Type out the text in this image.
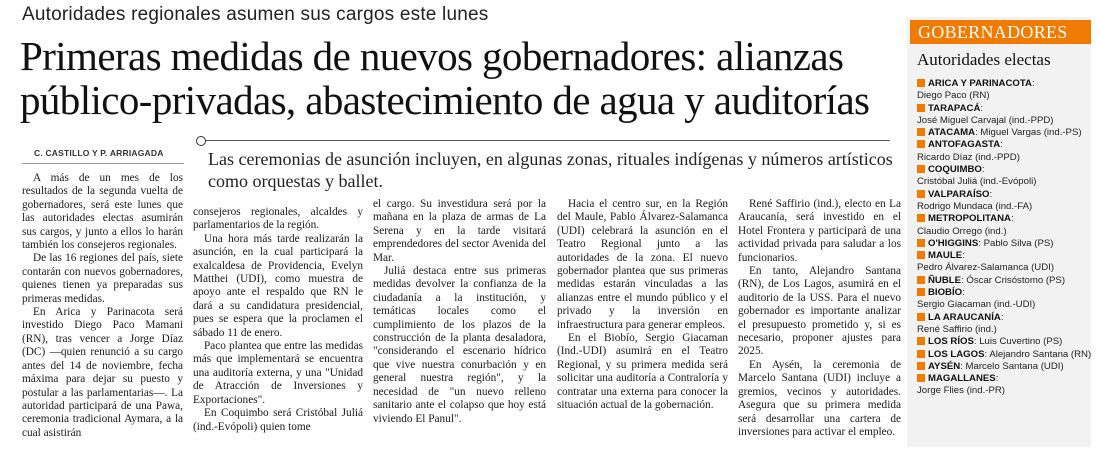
Autoridades regionales asumen sus cargos este lunes
Primeras medidas de nuevos gobernadores: alianzas
público-privadas, abastecimiento de agua y auditorías
C. CASTILLO Y P. ARRIAGADA Las ceremonias de asunción incluyen, en algunas zonas, rituales indígenas y números artísticos como orquestas y ballet.

A más de un mes de los resultados de la segunda vuelta de gobernadores, será este lunes que las autoridades electas asumirán sus cargos, y junto a ellos lo harán también los consejeros regionales.

De las 16 regiones del país, siete contarán con nuevos gobernadores, quienes tienen ya preparadas sus primeras medidas.

En Arica y Parinacota será investido Diego Paco Mamani (RN), tras vencer a Jorge Díaz (DC) —quien renunció a su cargo antes del 14 de noviembre, fecha máxima para dejar su puesto y postular a las parlamentarias—. La autoridad participará de una Pawa, ceremonia tradicional Aymara, a la cual asistirán

consejeros regionales, alcaldes y parlamentarios de la región.

Una hora más tarde realizarán la asunción, en la cual participará la exalcaldesa de Providencia, Evelyn Matthei (UDI), como muestra de apoyo ante el respaldo que RN le dará a su candidatura presidencial, pues se espera que la proclamen el sábado 11 de enero.

Paco plantea que entre las medidas más que implementará se encuentra una auditoría externa, y una "Unidad de Atracción de Inversiones y Exportaciones".

En Coquimbo será Cristóbal Juliá (ind.-Evópoli) quien tome

el cargo. Su investidura será por la mañana en la plaza de armas de La Serena y en la tarde visitará emprendedores del sector Avenida del Mar.

Juliá destaca entre sus primeras medidas devolver la confianza de la ciudadanía a la institución, y temáticas locales como el cumplimiento de los plazos de la construcción de la planta desaladora, "considerando el escenario hídrico que vive nuestra conurbación y en general nuestra región", y la necesidad de "un nuevo relleno sanitario ante el colapso que hoy está viviendo El Panul".

Hacia el centro sur, en la Región del Maule, Pablo Álvarez-Salamanca (UDI) celebrará la asunción en el Teatro Regional junto a las autoridades de la zona. El nuevo gobernador plantea que sus primeras medidas estarán vinculadas a las alianzas entre el mundo público y el privado y la inversión en infraestructura para generar empleos.

En el Biobío, Sergio Giacaman (Ind.-UDI) asumirá en el Teatro Regional, y su primera medida será solicitar una auditoría a Contraloría y contratar una externa para conocer la situación actual de la gobernación.

René Saffirio (ind.), electo en La Araucanía, será investido en el Hotel Frontera y participará de una actividad privada para saludar a los funcionarios.

En tanto, Alejandro Santana (RN), de Los Lagos, asumirá en el auditorio de la USS. Para el nuevo gobernador es importante analizar el presupuesto prometido y, si es necesario, proponer ajustes para 2025.

En Aysén, la ceremonia de Marcelo Santana (UDI) incluye a gremios, vecinos y autoridades. Asegura que su primera medida será desarrollar una cartera de inversiones para activar el empleo.

GOBERNADORES
Autoridades electas
ARICA Y PARINACOTA:
Diego Paco (RN)
TARAPACÁ:
José Miguel Carvajal (ind.-PPD)
ATACAMA: Miguel Vargas (ind.-PS)
ANTOFAGASTA:
Ricardo Díaz (ind.-PPD)
COQUIMBO:
Cristóbal Juliá (ind.-Evópoli)
VALPARAÍSO:
Rodrigo Mundaca (ind.-FA)
METROPOLITANA:
Claudio Orrego (ind.)
O'HIGGINS: Pablo Silva (PS)
MAULE:
Pedro Álvarez-Salamanca (UDI)
ÑUBLE: Óscar Crisóstomo (PS)
BIOBÍO:
Sergio Giacaman (ind.-UDI)
LA ARAUCANÍA:
René Saffirio (ind.)
LOS RÍOS: Luis Cuvertino (PS)
LOS LAGOS: Alejandro Santana (RN)
AYSÉN: Marcelo Santana (UDI)
MAGALLANES:
Jorge Flies (ind.-PR)
